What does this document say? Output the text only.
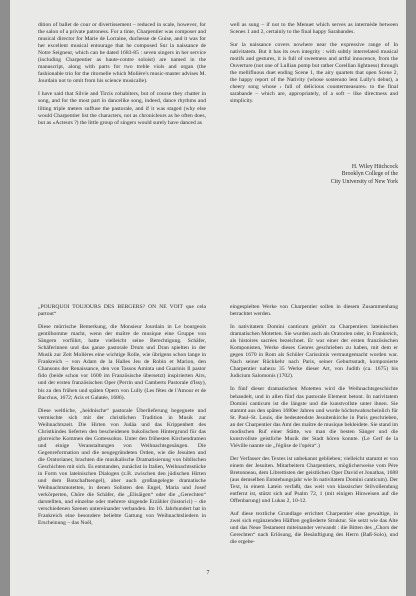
dition of ballet de cour or divertissement – reduced in scale, however, for the salon of a private patroness. For a time, Charpentier was composer and musical director for Marie de Lorraine, duchesse de Guise, and it was for her excellent musical entourage that he composed Sur la naissance de Notre Seigneur, which can be dated 1683-85 : seven singers in her service (including Charpentier as haute-contre soloist) are named in the manuscript, along with parts for two treble viols and organ (the fashionable trio for the ritornelle which Molière's music-master advises M. Jourdain not to omit from his science musicalle).

I have said that Silvie and Tircis cohabiters, but of course they chatter in song, and for the most part in dancelike song, indeed, dance rhythms and lilting triple meters suffuse the pastorale, and if it was staged (why else would Charpentier list the characters, not as chronicleurs as he often does, but as «Acteurs ?) the little group of singers would surely have danced as

well as sung – if not to the Menuet which serves as intermède between Scenes 1 and 2, certainly to the final happy Sarabandes.

Sur la naissance covers nowhere near the expressive range of In nativitatem. But it has its own integrity : with subtly interrelated musical motifs and gestures, it is full of sweetness and artful innocence, from the Ouverture (not one of Lullian pomp but rather Corellian lightness) through the mellifluous duet ending Scene 1, the airy quartets that open Scene 2, the happy report of the Nativity (whose sostenuto lent Lully's debut), a cheery song whose ‹ full of delicious countermeasures› to the final sarabande – which are, appropriately, of a soft – like directness and simplicity.

H. Wiley Hitchcock
Brooklyn College of the
City University of New York

„POURQUOI TOUJOURS DES BERGERS? ON NE VOIT que cela partout“

Diese mürrische Bemerkung, die Monsieur Jourdain in Le bourgeois gentilhomme macht, wenn der maître de musique eine Gruppe von Sängern vorführt, hatte vielleicht seine Berechtigung. Schäfer, Schäferinnen und das ganze pastorale Drum und Dran spielten in der Musik zur Zeit Molières eine wichtige Rolle, wie übrigens schon lange in Frankreich – von Adam de la Halles Jeu de Robin et Marion, den Chansons der Renaissance, den von Tassos Aminta und Guarinis Il pastor fido (beide schon vor 1600 im Französische übersetzt) inspirierten Airs, und der ersten französischen Oper (Perrin und Camberts Pastorale d'Issy), bis zu den frühen und späten Opern von Lully (Les fêtes de l'Amour et de Bacchus, 1672; Acis et Galatée, 1686).

Diese weltliche, „heidnische“ pastorale Überlieferung begegnete und vermischte sich mit der christlichen Tradition in Musik zur Weihnachtszeit. Die Hirten von Judäa und das Krippenbett des Christkindes lieferten den bescheidenen bukolischen Hintergrund für das glorreiche Kommen des Gottessohns. Unter den frühesten Kirchendramen und einige Veranstaltungen von Weihnachtsgesängen. Die Gegenreformation und die neugegründeten Orden, wie die Jesuiten und die Oratorianer, brachten die musikalische Dramatisierung von biblischen Geschichten mit sich. Es entstanden, zunächst in Italien, Weihnachtsstücke in Form von lateinischen Dialogen (z.B. zwischen den jüdischen Hirten und dem Botschaftsengel), aber auch großangelegte dramatische Weihnachtsmotetten, in denen Solisten den Engel, Maria und Josef verkörperten, Chöre die Schäfer, die „Elisäigen“ oder die „Gerechten“ darstellten, und einzelne oder mehrere singende Erzähler (historici) – die verschiedenen Szenen untereinander verbanden. Im 16. Jahrhundert hat in Frankreich eine besondere beliebte Gattung von Weihnachtsliedern in Erscheinung – das Noël,

eingespielten Werke von Charpentier sollen in diesem Zusammenhang betrachtet werden.

In nativitatem Domini canticum gehört zu Charpentiers lateinischen dramatischen Motetten. Sie wurden auch als Oratorien oder, in Frankreich, als histoires sacrées bezeichnet. Er war einer der ersten französischen Komponisten, Werke dieses Genres geschrieben zu haben, mit dem er gegen 1670 in Rom als Schüler Carissimis vertrautgemacht worden war. Nach seiner Rückkehr nach Paris, seiner Geburtsstadt, komponierte Charpentier nahezu 35 Werke dieser Art, von Judith (ca. 1675) bis Judicium Salomonis (1702).

In fünf dieser dramatischen Motetten wird die Weihnachtsgeschichte behandelt, und in allen fünf das pastorale Element betont. In nativitatem Domini canticum ist die längste und die kunstvollste unter ihnen. Sie stammt aus den späten 1680er Jahren und wurde höchstwahrscheinlich für St. Paul–St. Louis, die bedeutendste Jesuitenkirche in Paris geschrieben, an der Charpentier das Amt des maître de musique bekleidete. Sie stand im modischen Ruf einer Stätte, wo man die besten Sänger und die kunstvollste geistliche Musik der Stadt hören konnte. (Le Cerf de la Viéville nannte sie „l'église de l'opéra“.)

Der Verfasser des Textes ist unbekannt geblieben; vielleicht stammt er von einem der Jesuiten. Mitarbeitern Charpentiers, möglicherweise vom Père Bretonneau, dem Librettisten der geistlichen Oper David et Jonathas, 1688 (aus demselben Entstehungsjahr wie In nativitatem Domini canticum). Der Text, in einem Latein verfaßt, das weit von klassischer Stilvollendung entfernt ist, stützt sich auf Psalm 72, 1 (mit einigen Hinweisen auf die Offenbarung) und Lukas 2, 10-12.

Auf diese textliche Grundlage errichtet Charpentier eine gewaltige, in zwei sich ergänzenden Hälften gegliederte Struktur. Sie setzt wie das Alte und das Neue Testament miteinander verwandt : die Bitten des „Chors der Gerechten“ nach Erlösung, die Besänftigung des Herrn (Baß-Solo), und die ergebe-

7
